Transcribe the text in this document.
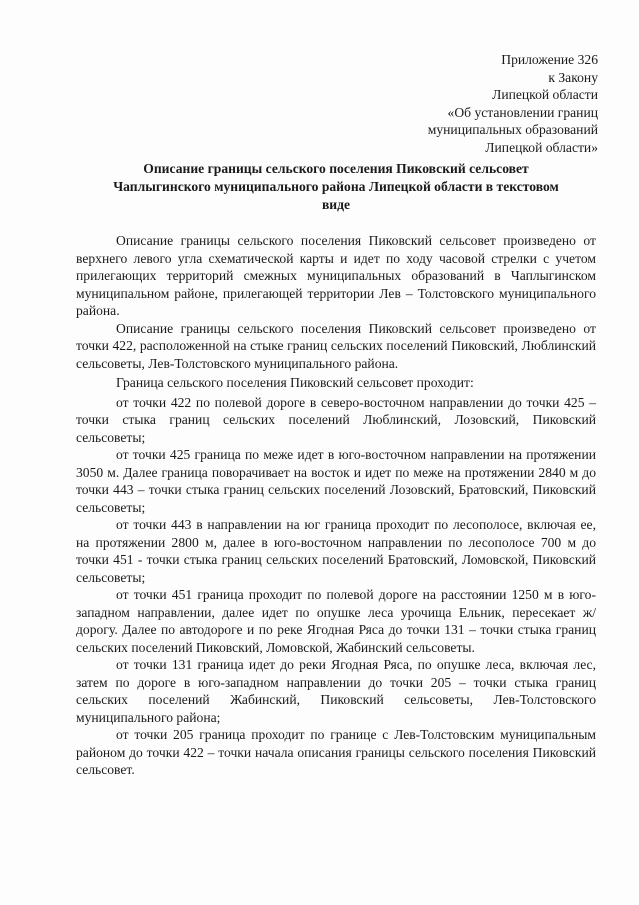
Приложение 326
к Закону
Липецкой области
«Об установлении границ
муниципальных образований
Липецкой области»
Описание границы сельского поселения Пиковский сельсовет
Чаплыгинского муниципального района Липецкой области в текстовом
виде

Описание границы сельского поселения Пиковский сельсовет произведено от верхнего левого угла схематической карты и идет по ходу часовой стрелки с учетом прилегающих территорий смежных муниципальных образований в Чаплыгинском муниципальном районе, прилегающей территории Лев – Толстовского муниципального района.

Описание границы сельского поселения Пиковский сельсовет произведено от точки 422, расположенной на стыке границ сельских поселений Пиковский, Люблинский сельсоветы, Лев-Толстовского муниципального района.

Граница сельского поселения Пиковский сельсовет проходит:

от точки 422 по полевой дороге в северо-восточном направлении до точки 425 – точки стыка границ сельских поселений Люблинский, Лозовский, Пиковский сельсоветы;

от точки 425 граница по меже идет в юго-восточном направлении на протяжении 3050 м. Далее граница поворачивает на восток и идет по меже на протяжении 2840 м до точки 443 – точки стыка границ сельских поселений Лозовский, Братовский, Пиковский сельсоветы;

от точки 443 в направлении на юг граница проходит по лесополосе, включая ее, на протяжении 2800 м, далее в юго-восточном направлении по лесополосе 700 м до точки 451 - точки стыка границ сельских поселений Братовский, Ломовской, Пиковский сельсоветы;

от точки 451 граница проходит по полевой дороге на расстоянии 1250 м в юго-западном направлении, далее идет по опушке леса урочища Ельник, пересекает ж/дорогу. Далее по автодороге и по реке Ягодная Ряса до точки 131 – точки стыка границ сельских поселений Пиковский, Ломовской, Жабинский сельсоветы.

от точки 131 граница идет до реки Ягодная Ряса, по опушке леса, включая лес, затем по дороге в юго-западном направлении до точки 205 – точки стыка границ сельских поселений Жабинский, Пиковский сельсоветы, Лев-Толстовского муниципального района;

от точки 205 граница проходит по границе с Лев-Толстовским муниципальным районом до точки 422 – точки начала описания границы сельского поселения Пиковский сельсовет.
